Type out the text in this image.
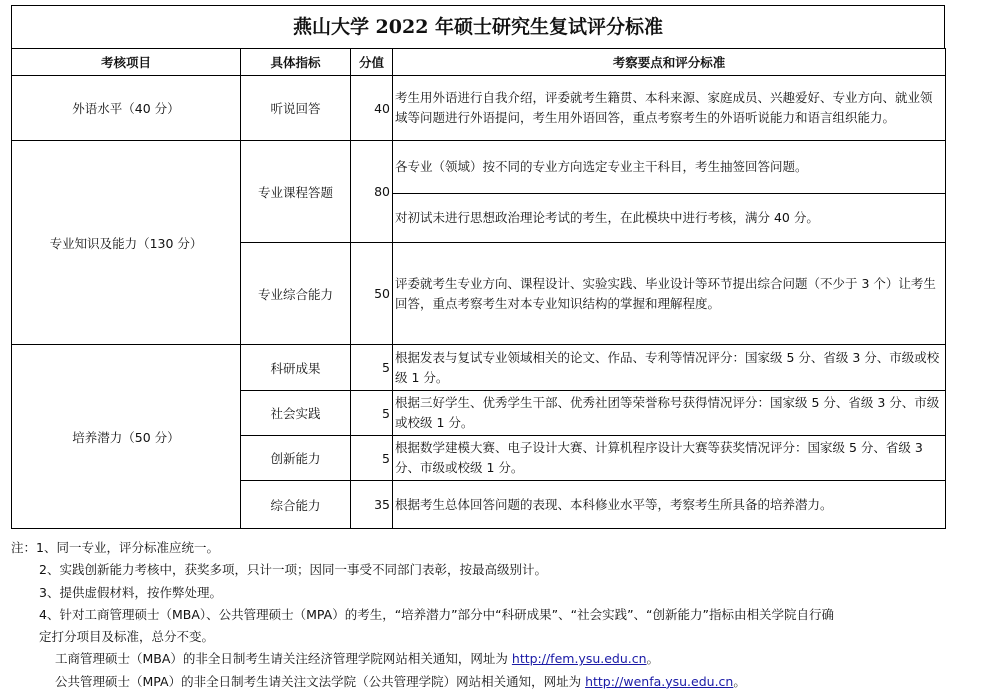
燕山大学 2022 年硕士研究生复试评分标准
考核项目	具体指标	分值	考察要点和评分标准
外语水平（40 分）	听说回答	40	考生用外语进行自我介绍，评委就考生籍贯、本科来源、家庭成员、兴趣爱好、专业方向、就业领域等问题进行外语提问，考生用外语回答，重点考察考生的外语听说能力和语言组织能力。
专业知识及能力（130 分）	专业课程答题	80	各专业（领域）按不同的专业方向选定专业主干科目，考生抽签回答问题。
			对初试未进行思想政治理论考试的考生，在此模块中进行考核，满分 40 分。
	专业综合能力	50	评委就考生专业方向、课程设计、实验实践、毕业设计等环节提出综合问题（不少于 3 个）让考生回答，重点考察考生对本专业知识结构的掌握和理解程度。
培养潜力（50 分）	科研成果	5	根据发表与复试专业领域相关的论文、作品、专利等情况评分：国家级 5 分、省级 3 分、市级或校级 1 分。
	社会实践	5	根据三好学生、优秀学生干部、优秀社团等荣誉称号获得情况评分：国家级 5 分、省级 3 分、市级或校级 1 分。
	创新能力	5	根据数学建模大赛、电子设计大赛、计算机程序设计大赛等获奖情况评分：国家级 5 分、省级 3 分、市级或校级 1 分。
	综合能力	35	根据考生总体回答问题的表现、本科修业水平等，考察考生所具备的培养潜力。
注：1、同一专业，评分标准应统一。
2、实践创新能力考核中，获奖多项，只计一项；因同一事受不同部门表彰，按最高级别计。
3、提供虚假材料，按作弊处理。
4、针对工商管理硕士（MBA）、公共管理硕士（MPA）的考生，“培养潜力”部分中“科研成果”、“社会实践”、“创新能力”指标由相关学院自行确
定打分项目及标准，总分不变。
工商管理硕士（MBA）的非全日制考生请关注经济管理学院网站相关通知，网址为 http://fem.ysu.edu.cn。
公共管理硕士（MPA）的非全日制考生请关注文法学院（公共管理学院）网站相关通知，网址为 http://wenfa.ysu.edu.cn。
